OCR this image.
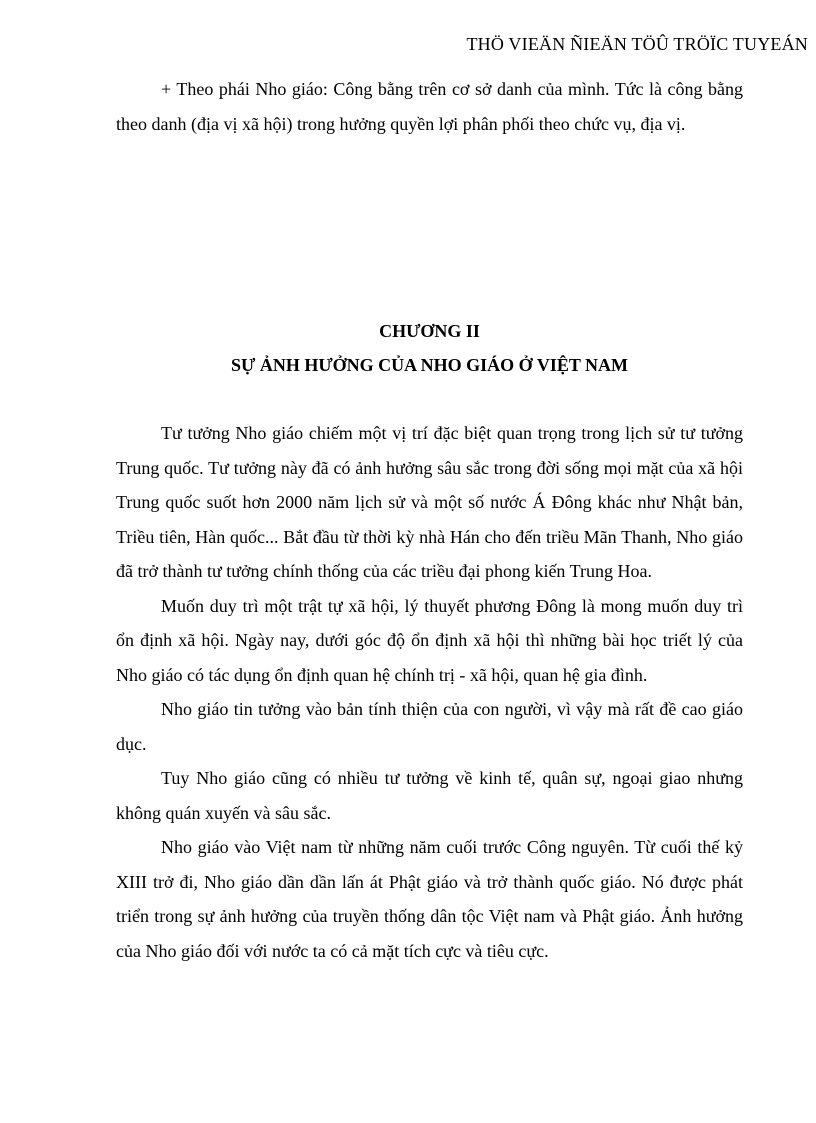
THÖ VIEÄN ÑIEÄN TÖÛ TRÖÏC TUYEÁN

+ Theo phái Nho giáo: Công bằng trên cơ sở danh của mình. Tức là công bằng theo danh (địa vị xã hội) trong hưởng quyền lợi phân phối theo chức vụ, địa vị.

CHƯƠNG II
SỰ ẢNH HƯỞNG CỦA NHO GIÁO Ở VIỆT NAM

Tư tưởng Nho giáo chiếm một vị trí đặc biệt quan trọng trong lịch sử tư tưởng Trung quốc. Tư tưởng này đã có ảnh hưởng sâu sắc trong đời sống mọi mặt của xã hội Trung quốc suốt hơn 2000 năm lịch sử và một số nước Á Đông khác như Nhật bản, Triều tiên, Hàn quốc... Bắt đầu từ thời kỳ nhà Hán cho đến triều Mãn Thanh, Nho giáo đã trở thành tư tưởng chính thống của các triều đại phong kiến Trung Hoa.

Muốn duy trì một trật tự xã hội, lý thuyết phương Đông là mong muốn duy trì ổn định xã hội. Ngày nay, dưới góc độ ổn định xã hội thì những bài học triết lý của Nho giáo có tác dụng ổn định quan hệ chính trị - xã hội, quan hệ gia đình.

Nho giáo tin tưởng vào bản tính thiện của con người, vì vậy mà rất đề cao giáo dục.

Tuy Nho giáo cũng có nhiều tư tưởng về kinh tế, quân sự, ngoại giao nhưng không quán xuyến và sâu sắc.

Nho giáo vào Việt nam từ những năm cuối trước Công nguyên. Từ cuối thế kỷ XIII trở đi, Nho giáo dần dần lấn át Phật giáo và trở thành quốc giáo. Nó được phát triển trong sự ảnh hưởng của truyền thống dân tộc Việt nam và Phật giáo. Ảnh hưởng của Nho giáo đối với nước ta có cả mặt tích cực và tiêu cực.
